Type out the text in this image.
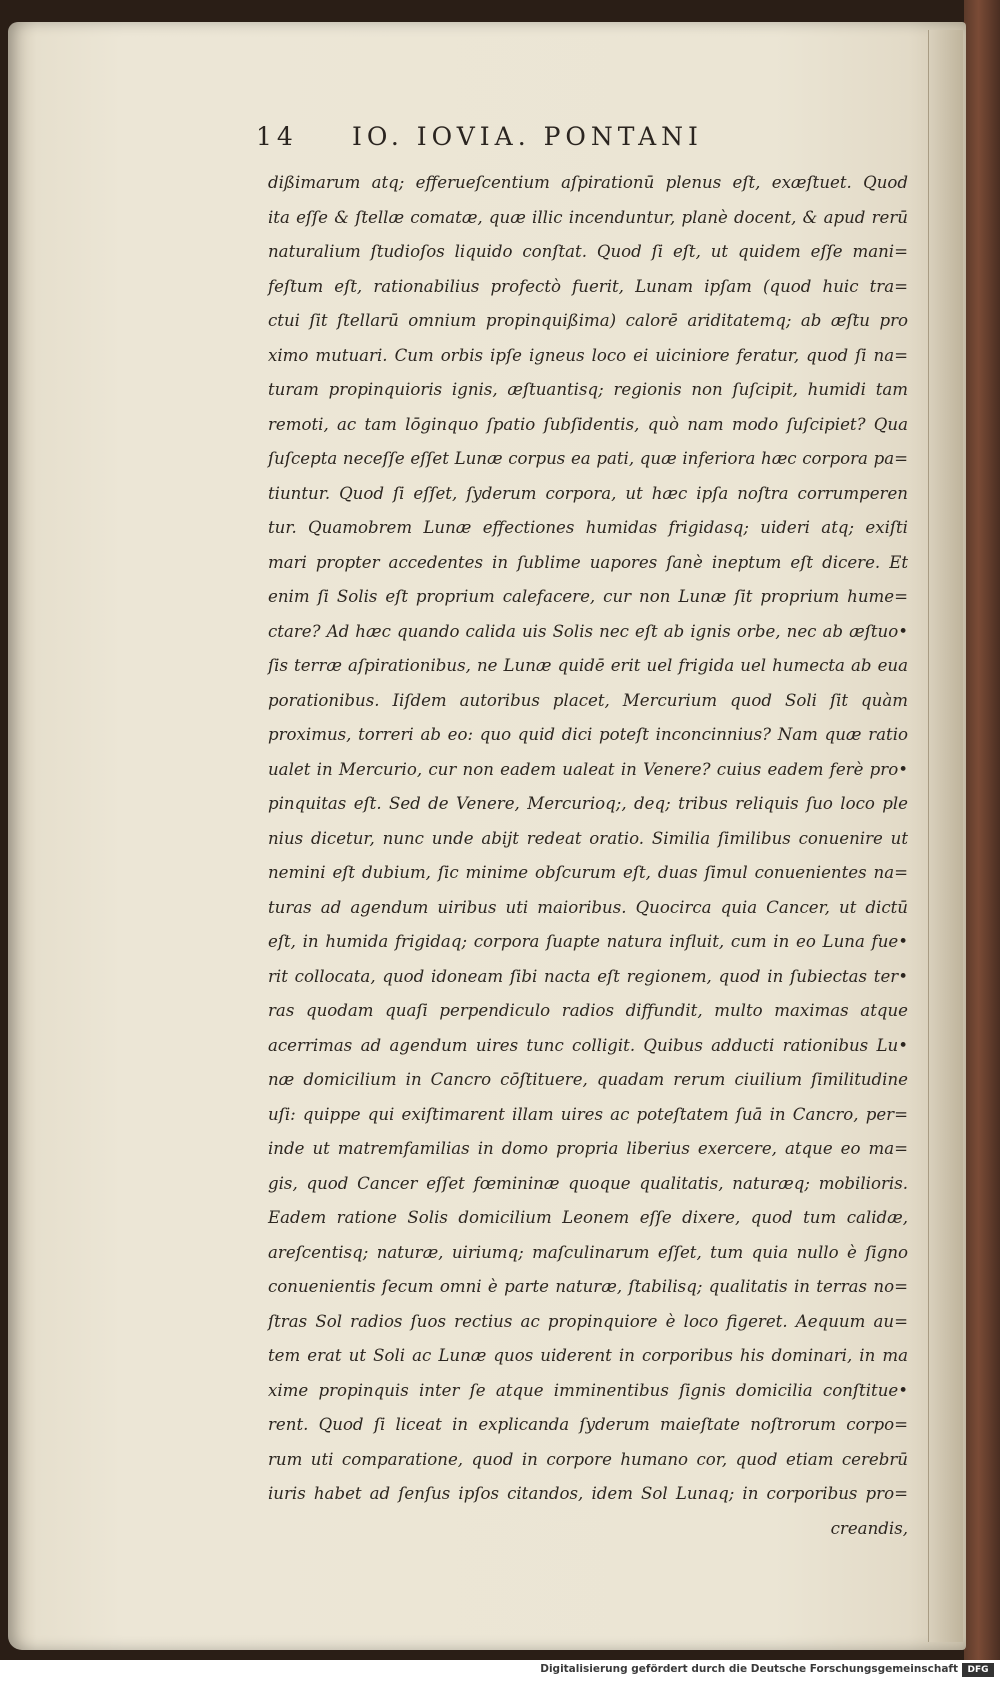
14 IO. IOVIA. PONTANI
dißimarum atq; efferueſcentium aſpirationū plenus eſt, exæſtuet. Quod
ita eſſe & ſtellæ comatæ, quæ illic incenduntur, planè docent, & apud rerū
naturalium ſtudioſos liquido conſtat. Quod ſi eſt, ut quidem eſſe mani=
feſtum eſt, rationabilius profectò fuerit, Lunam ipſam (quod huic tra=
ctui ſit ſtellarū omnium propinquißima) calorē ariditatemq; ab æſtu pro
ximo mutuari. Cum orbis ipſe igneus loco ei uiciniore feratur, quod ſi na=
turam propinquioris ignis, æſtuantisq; regionis non ſuſcipit, humidi tam
remoti, ac tam lōginquo ſpatio ſubſidentis, quò nam modo ſuſcipiet? Qua
ſuſcepta neceſſe eſſet Lunæ corpus ea pati, quæ inferiora hæc corpora pa=
tiuntur. Quod ſi eſſet, ſyderum corpora, ut hæc ipſa noſtra corrumperen
tur. Quamobrem Lunæ effectiones humidas frigidasq; uideri atq; exiſti
mari propter accedentes in ſublime uapores ſanè ineptum eſt dicere. Et
enim ſi Solis eſt proprium calefacere, cur non Lunæ ſit proprium hume=
ctare? Ad hæc quando calida uis Solis nec eſt ab ignis orbe, nec ab æſtuo•
ſis terræ aſpirationibus, ne Lunæ quidē erit uel frigida uel humecta ab eua
porationibus. Iiſdem autoribus placet, Mercurium quod Soli ſit quàm
proximus, torreri ab eo: quo quid dici poteſt inconcinnius? Nam quæ ratio
ualet in Mercurio, cur non eadem ualeat in Venere? cuius eadem ferè pro•
pinquitas eſt. Sed de Venere, Mercurioq;, deq; tribus reliquis ſuo loco ple
nius dicetur, nunc unde abijt redeat oratio. Similia ſimilibus conuenire ut
nemini eſt dubium, ſic minime obſcurum eſt, duas ſimul conuenientes na=
turas ad agendum uiribus uti maioribus. Quocirca quia Cancer, ut dictū
eſt, in humida frigidaq; corpora ſuapte natura influit, cum in eo Luna fue•
rit collocata, quod idoneam ſibi nacta eſt regionem, quod in ſubiectas ter•
ras quodam quaſi perpendiculo radios diffundit, multo maximas atque
acerrimas ad agendum uires tunc colligit. Quibus adducti rationibus Lu•
næ domicilium in Cancro cōſtituere, quadam rerum ciuilium ſimilitudine
uſi: quippe qui exiſtimarent illam uires ac poteſtatem ſuā in Cancro, per=
inde ut matremfamilias in domo propria liberius exercere, atque eo ma=
gis, quod Cancer eſſet fœmininæ quoque qualitatis, naturæq; mobilioris.
Eadem ratione Solis domicilium Leonem eſſe dixere, quod tum calidæ,
areſcentisq; naturæ, uiriumq; maſculinarum eſſet, tum quia nullo è ſigno
conuenientis ſecum omni è parte naturæ, ſtabilisq; qualitatis in terras no=
ſtras Sol radios ſuos rectius ac propinquiore è loco figeret. Aequum au=
tem erat ut Soli ac Lunæ quos uiderent in corporibus his dominari, in ma
xime propinquis inter ſe atque imminentibus ſignis domicilia conſtitue•
rent. Quod ſi liceat in explicanda ſyderum maieſtate noſtrorum corpo=
rum uti comparatione, quod in corpore humano cor, quod etiam cerebrū
iuris habet ad ſenſus ipſos citandos, idem Sol Lunaq; in corporibus pro=
creandis,
Digitalisierung gefördert durch die Deutsche Forschungsgemeinschaft	DFG
